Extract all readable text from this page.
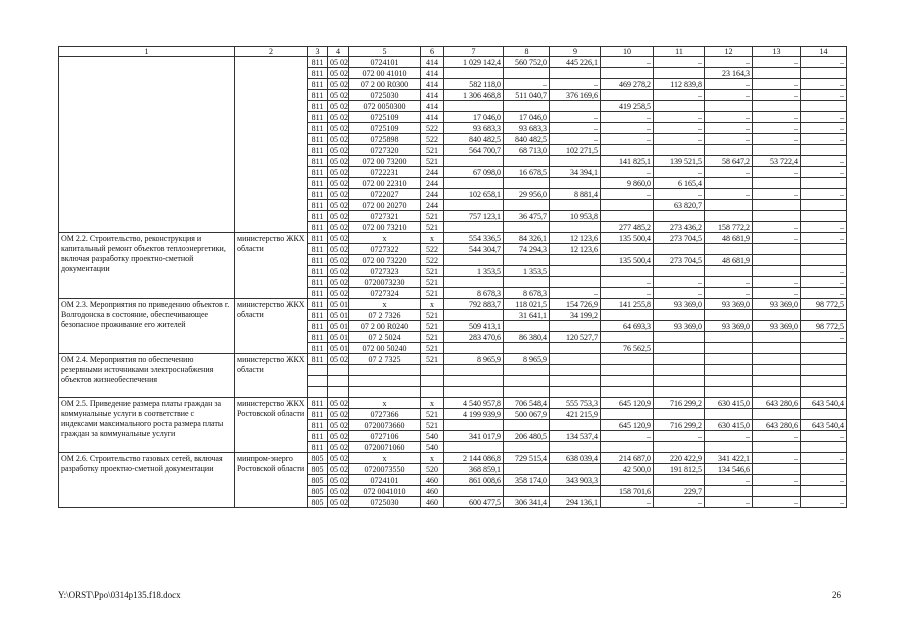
1	2	3	4	5	6	7	8	9	10	11	12	13	14
		811	05 02	0724101	414	1 029 142,4	560 752,0	445 226,1	–	–	–	–	–
		811	05 02	072 00 41010	414						23 164,3		
		811	05 02	07 2 00 R0300	414	582 118,0	–	–	469 278,2	112 839,8	–	–	–
		811	05 02	0725030	414	1 306 468,8	511 040,7	376 169,6		–	–	–	–
		811	05 02	072 0050300	414				419 258,5				
		811	05 02	0725109	414	17 046,0	17 046,0	–	–	–	–	–	–
		811	05 02	0725109	522	93 683,3	93 683,3	–	–	–	–	–	–
		811	05 02	0725898	522	840 482,5	840 482,5	–	–	–	–	–	–
		811	05 02	0727320	521	564 700,7	68 713,0	102 271,5					
		811	05 02	072 00 73200	521				141 825,1	139 521,5	58 647,2	53 722,4	–
		811	05 02	0722231	244	67 098,0	16 678,5	34 394,1	–	–	–	–	–
		811	05 02	072 00 22310	244				9 860,0	6 165,4			
		811	05 02	0722027	244	102 658,1	29 956,0	8 881,4	–	–	–	–	–
		811	05 02	072 00 20270	244					63 820,7			
		811	05 02	0727321	521	757 123,1	36 475,7	10 953,8					
		811	05 02	072 00 73210	521				277 485,2	273 436,2	158 772,2	–	–
ОМ 2.2. Строительство, реконструкция и капитальный ремонт объектов теплоэнергетики, включая разработку проектно-сметной документации	министерство ЖКХ области	811	05 02	х	х	554 336,5	84 326,1	12 123,6	135 500,4	273 704,5	48 681,9	–	–
		811	05 02	0727322	522	544 304,7	74 294,3	12 123,6					
		811	05 02	072 00 73220	522				135 500,4	273 704,5	48 681,9		
		811	05 02	0727323	521	1 353,5	1 353,5						–
		811	05 02	0720073230	521				–	–	–	–	–
		811	05 02	0727324	521	8 678,3	8 678,3	–	–	–	–	–	–
ОМ 2.3. Мероприятия по приведению объектов г. Волгодонска в состояние, обеспечивающее безопасное проживание его жителей	министерство ЖКХ области	811	05 01	х	х	792 883,7	118 021,5	154 726,9	141 255,8	93 369,0	93 369,0	93 369,0	98 772,5
		811	05 01	07 2 7326	521		31 641,1	34 199,2					
		811	05 01	07 2 00 R0240	521	509 413,1			64 693,3	93 369,0	93 369,0	93 369,0	98 772,5
		811	05 01	07 2 5024	521	283 470,6	86 380,4	120 527,7					–
		811	05 01	072 00 50240	521				76 562,5				
ОМ 2.4. Мероприятия по обеспечению резервными источниками электроснабжения объектов жизнеобеспечения	министерство ЖКХ области	811	05 02	07 2 7325	521	8 965,9	8 965,9						

ОМ 2.5. Приведение размера платы граждан за коммунальные услуги в соответствие с индексами максимального роста размера платы граждан за коммунальные услуги	министерство ЖКХ Ростовской области	811	05 02	х	х	4 540 957,8	706 548,4	555 753,3	645 120,9	716 299,2	630 415,0	643 280,6	643 540,4
		811	05 02	0727366	521	4 199 939,9	500 067,9	421 215,9					
		811	05 02	0720073660	521				645 120,9	716 299,2	630 415,0	643 280,6	643 540,4
		811	05 02	0727106	540	341 017,9	206 480,5	134 537,4	–	–	–	–	–
		811	05 02	0720071060	540								
ОМ 2.6. Строительство газовых сетей, включая разработку проектно-сметной документации	минпром-энерго Ростовской области	805	05 02	х	х	2 144 086,8	729 515,4	638 039,4	214 687,0	220 422,9	341 422,1	–	–
		805	05 02	0720073550	520	368 859,1			42 500,0	191 812,5	134 546,6		
		805	05 02	0724101	460	861 008,6	358 174,0	343 903,3			–	–	–
		805	05 02	072 0041010	460				158 701,6	229,7			
		805	05 02	0725030	460	600 477,5	306 341,4	294 136,1	–	–	–	–	–
Y:\ORST\Ppo\0314p135.f18.docx	26
